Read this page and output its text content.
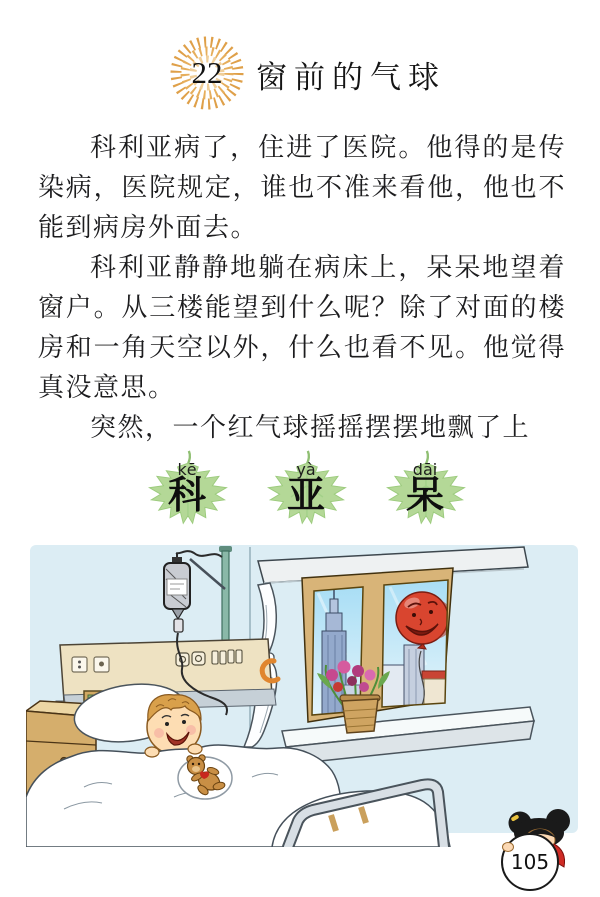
22	窗前的气球

科利亚病了，住进了医院。他得的是传染病，医院规定，谁也不准来看他，他也不能到病房外面去。

科利亚静静地躺在病床上，呆呆地望着窗户。从三楼能望到什么呢？除了对面的楼房和一角天空以外，什么也看不见。他觉得真没意思。

突然，一个红气球摇摇摆摆地飘了上

kē
科
yà
亚
dāi
呆
105
